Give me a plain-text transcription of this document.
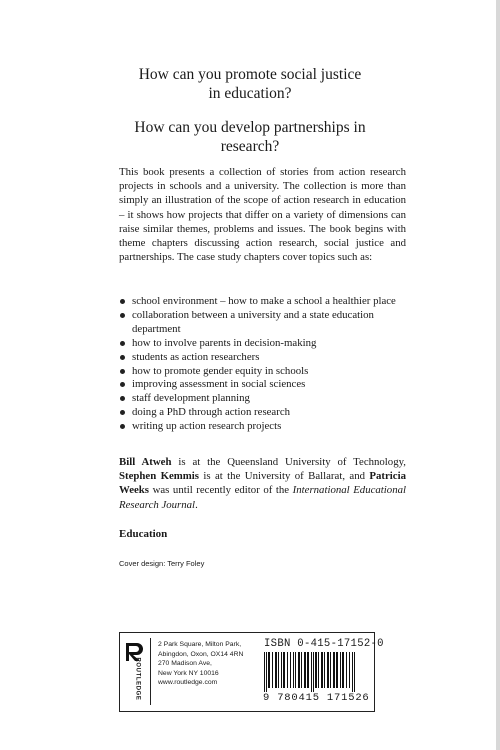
How can you promote social justice
in education?
How can you develop partnerships in
research?
This book presents a collection of stories from action research projects in schools and a university. The collection is more than simply an illustration of the scope of action research in education – it shows how projects that differ on a variety of dimensions can raise similar themes, problems and issues. The book begins with theme chapters discussing action research, social justice and partnerships. The case study chapters cover topics such as:
school environment – how to make a school a healthier place
collaboration between a university and a state education department
how to involve parents in decision-making
students as action researchers
how to promote gender equity in schools
improving assessment in social sciences
staff development planning
doing a PhD through action research
writing up action research projects

Bill Atweh is at the Queensland University of Technology, Stephen Kemmis is at the University of Ballarat, and Patricia Weeks was until recently editor of the International Educational Research Journal.

Education
Cover design: Terry Foley
ROUTLEDGE
2 Park Square, Milton Park,
Abingdon, Oxon, OX14 4RN
270 Madison Ave,
New York NY 10016
www.routledge.com
ISBN 0-415-17152-0
9 780415 171526
